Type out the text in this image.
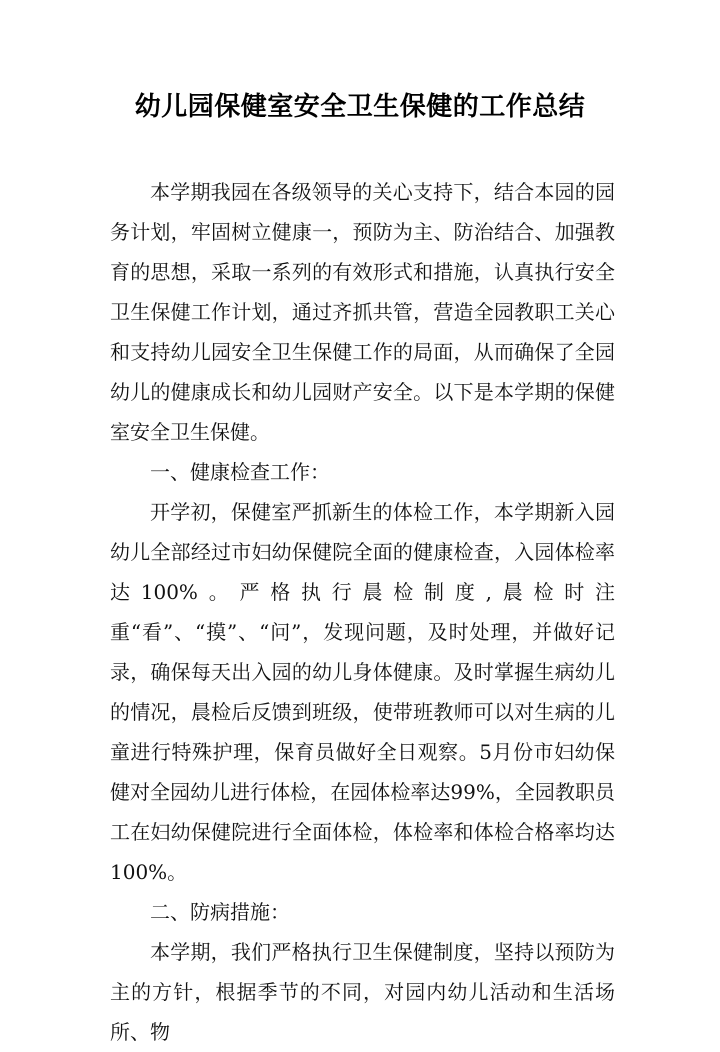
幼儿园保健室安全卫生保健的工作总结

本学期我园在各级领导的关心支持下，结合本园的园务计划，牢固树立健康一，预防为主、防治结合、加强教育的思想，采取一系列的有效形式和措施，认真执行安全卫生保健工作计划，通过齐抓共管，营造全园教职工关心和支持幼儿园安全卫生保健工作的局面，从而确保了全园幼儿的健康成长和幼儿园财产安全。以下是本学期的保健室安全卫生保健。

一、健康检查工作：

开学初，保健室严抓新生的体检工作，本学期新入园幼儿全部经过市妇幼保健院全面的健康检查，入园体检率达100%。严格执行晨检制度,晨检时注重“看”、“摸”、“问”，发现问题，及时处理，并做好记录，确保每天出入园的幼儿身体健康。及时掌握生病幼儿的情况，晨检后反馈到班级，使带班教师可以对生病的儿童进行特殊护理，保育员做好全日观察。5月份市妇幼保健对全园幼儿进行体检，在园体检率达99%，全园教职员工在妇幼保健院进行全面体检，体检率和体检合格率均达100%。

二、防病措施：

本学期，我们严格执行卫生保健制度，坚持以预防为主的方针，根据季节的不同，对园内幼儿活动和生活场所、物
